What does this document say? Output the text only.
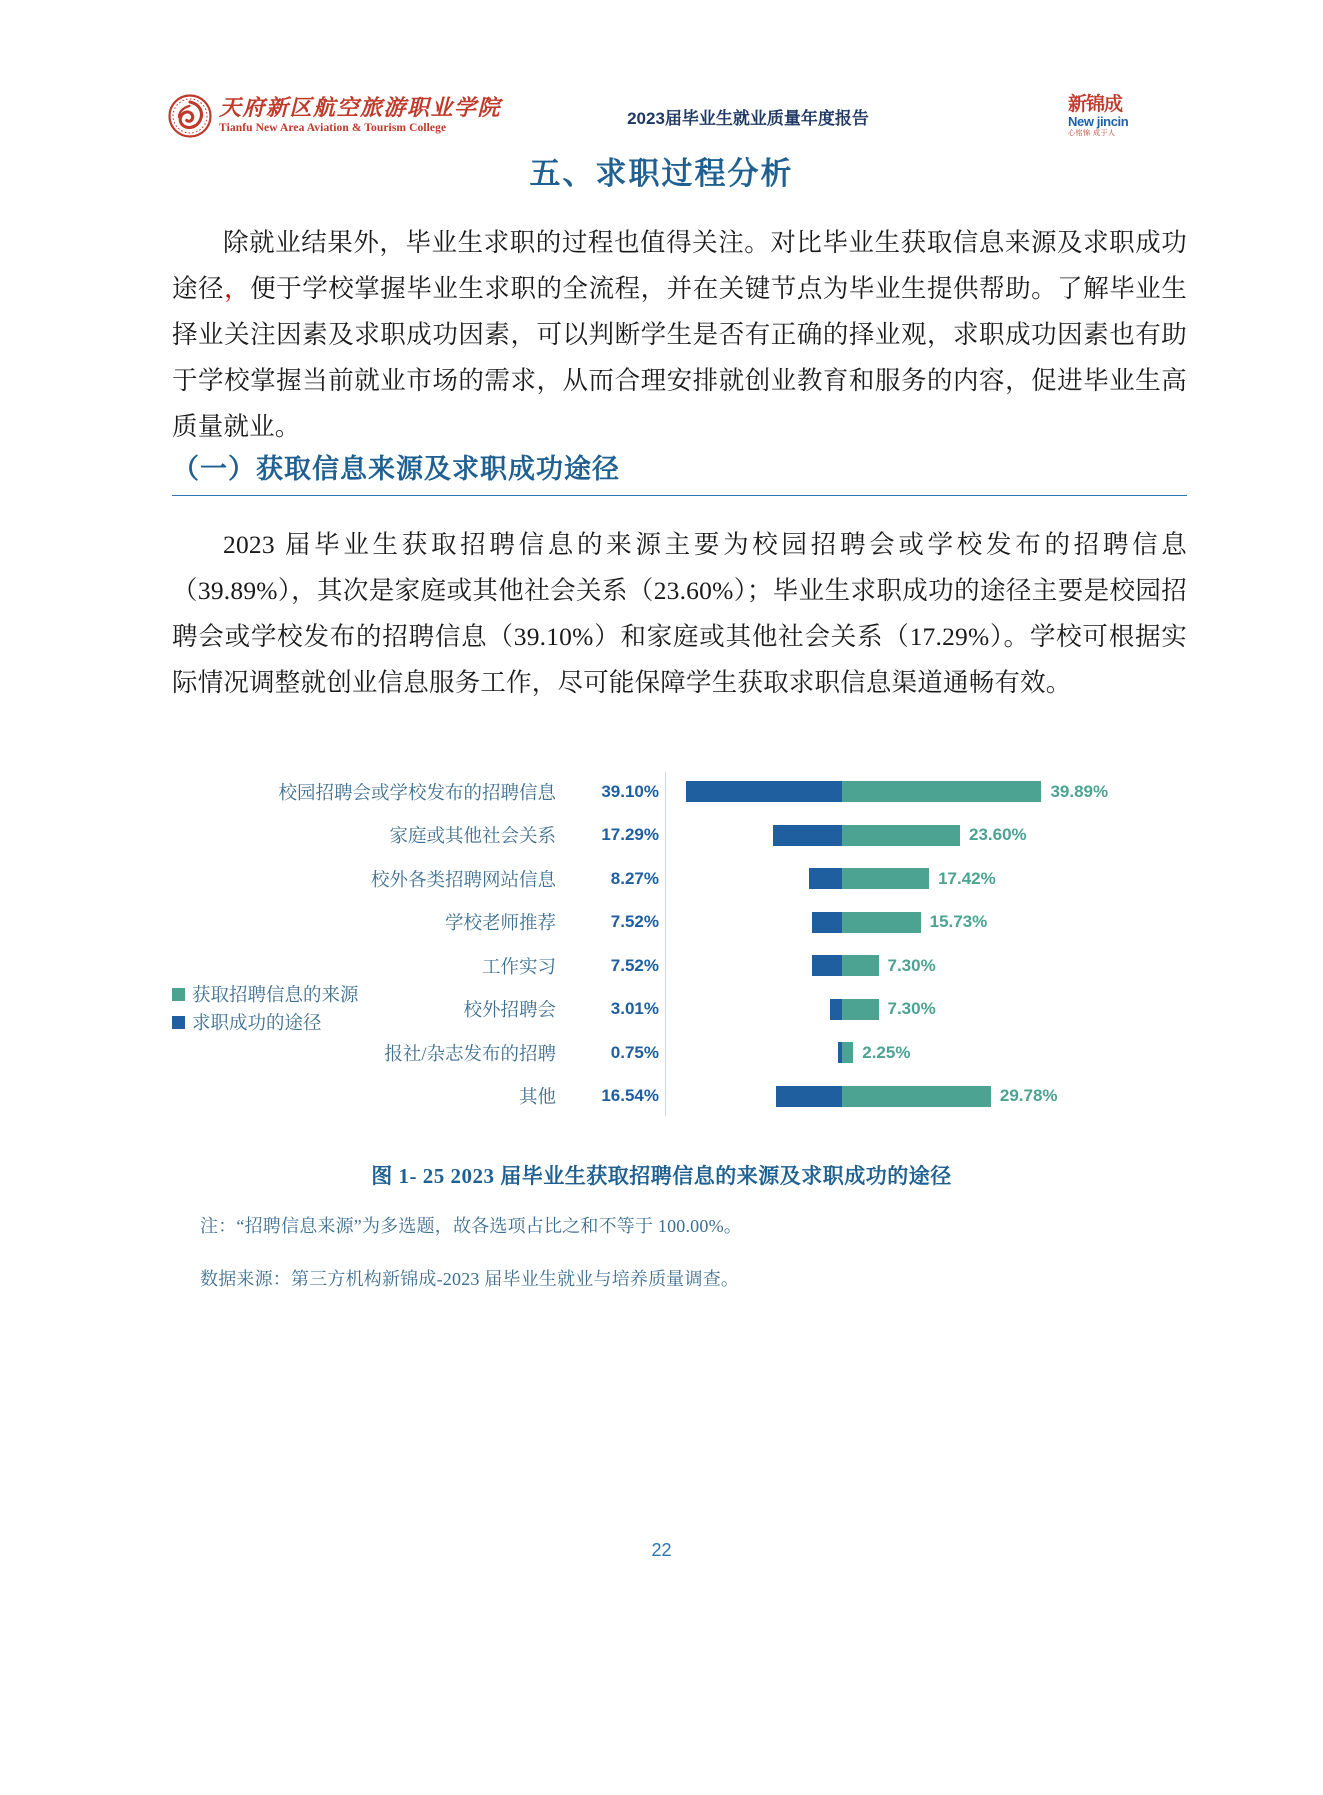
天府新区航空旅游职业学院
Tianfu New Area Aviation & Tourism College
2023届毕业生就业质量年度报告
新锦成
New jincin
心铭锦 成于人
五、求职过程分析

除就业结果外，毕业生求职的过程也值得关注。对比毕业生获取信息来源及求职成功途径，便于学校掌握毕业生求职的全流程，并在关键节点为毕业生提供帮助。了解毕业生择业关注因素及求职成功因素，可以判断学生是否有正确的择业观，求职成功因素也有助于学校掌握当前就业市场的需求，从而合理安排就创业教育和服务的内容，促进毕业生高质量就业。

（一）获取信息来源及求职成功途径

2023 届毕业生获取招聘信息的来源主要为校园招聘会或学校发布的招聘信息（39.89%），其次是家庭或其他社会关系（23.60%）；毕业生求职成功的途径主要是校园招聘会或学校发布的招聘信息（39.10%）和家庭或其他社会关系（17.29%）。学校可根据实际情况调整就创业信息服务工作，尽可能保障学生获取求职信息渠道通畅有效。

校园招聘会或学校发布的招聘信息	39.10%	39.89%
家庭或其他社会关系	17.29%	23.60%
校外各类招聘网站信息	8.27%	17.42%
学校老师推荐	7.52%	15.73%
工作实习	7.52%	7.30%
校外招聘会	3.01%	7.30%
报社/杂志发布的招聘	0.75%	2.25%
其他	16.54%	29.78%
获取招聘信息的来源
求职成功的途径
图 1- 25 2023 届毕业生获取招聘信息的来源及求职成功的途径
注：“招聘信息来源”为多选题，故各选项占比之和不等于 100.00%。
数据来源：第三方机构新锦成-2023 届毕业生就业与培养质量调查。
22
